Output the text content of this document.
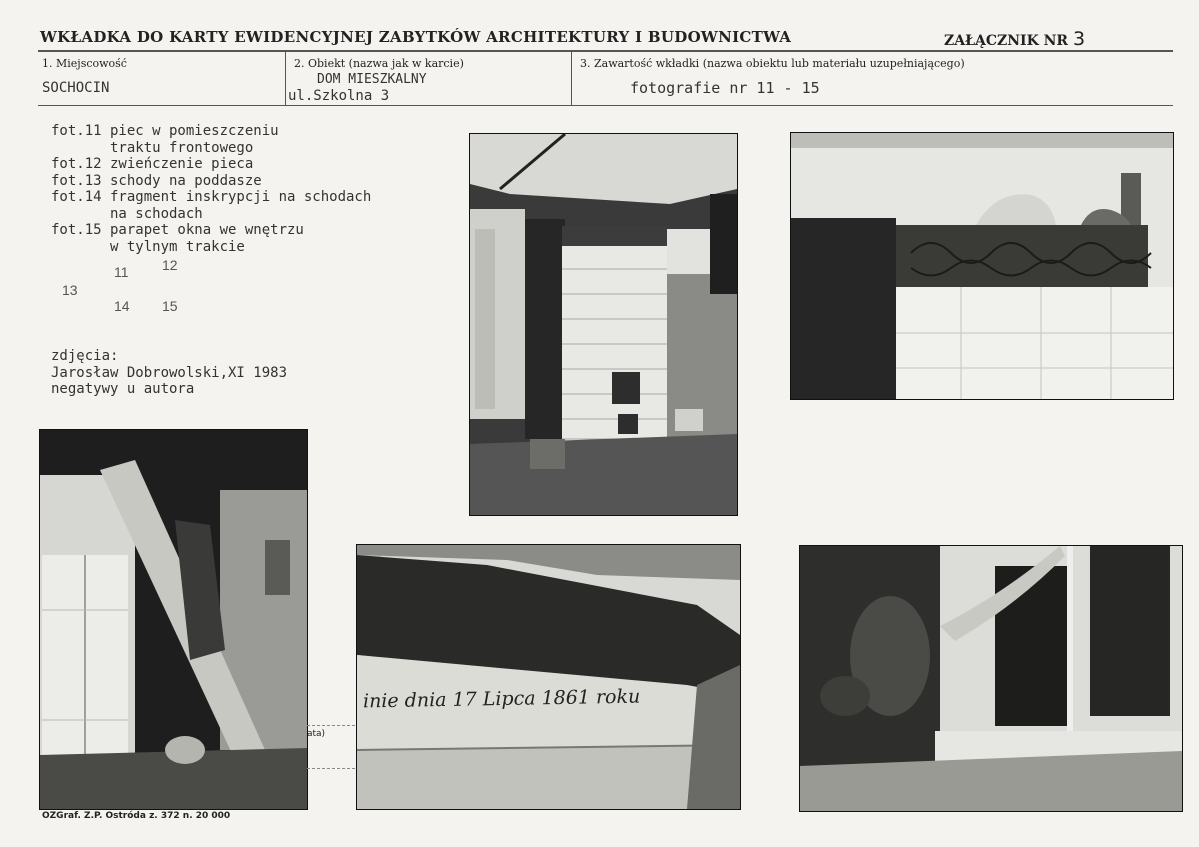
WKŁADKA DO KARTY EWIDENCYJNEJ ZABYTKÓW ARCHITEKTURY I BUDOWNICTWA	ZAŁĄCZNIK NR 3
1. Miejscowość
SOCHOCIN
2. Obiekt (nazwa jak w karcie)
DOM MIESZKALNY
ul.Szkolna 3
3. Zawartość wkładki (nazwa obiektu lub materiału uzupełniającego)
fotografie nr 11 - 15
fot.11 piec w pomieszczeniu
traktu frontowego
fot.12 zwieńczenie pieca
fot.13 schody na poddasze
fot.14 fragment inskrypcji na schodach
na schodach
fot.15 parapet okna we wnętrzu
w tylnym trakcie
11 12
13
14 15
zdjęcia:
Jarosław Dobrowolski,XI 1983
negatywy u autora
inie dnia 17 Lipca 1861 roku
ata)
OZGraf. Z.P. Ostróda z. 372 n. 20 000
